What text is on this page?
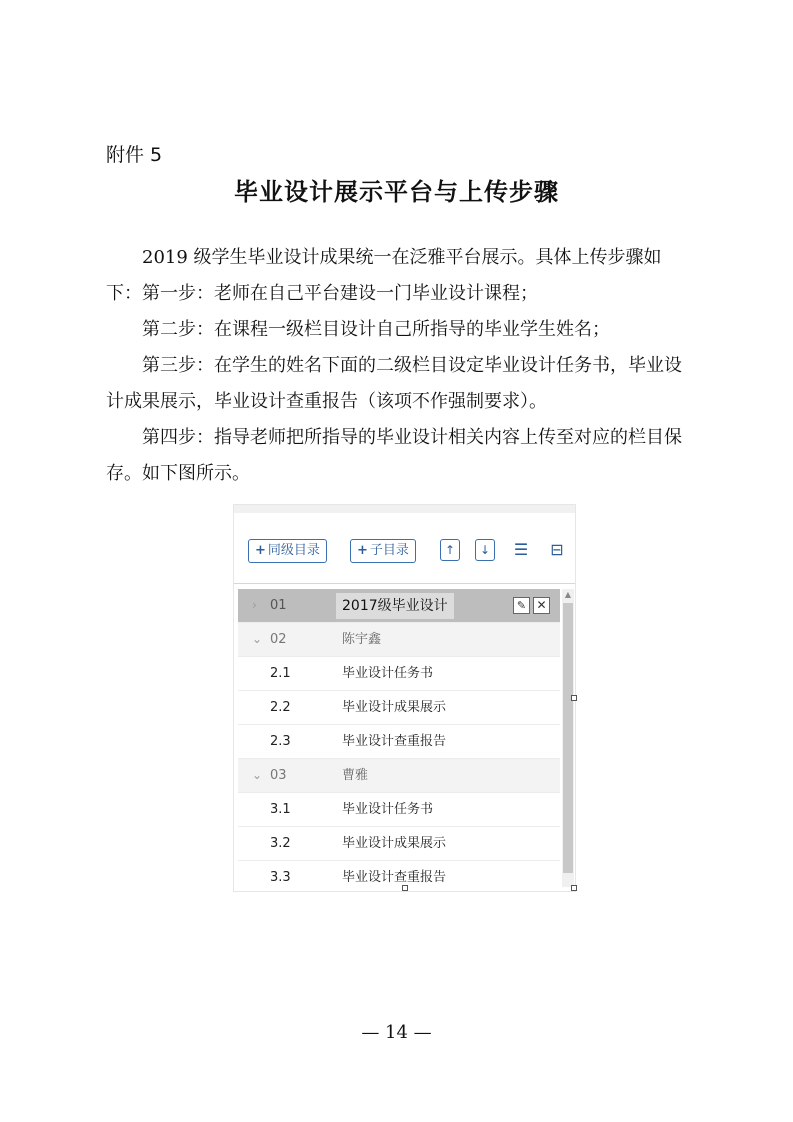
附件 5
毕业设计展示平台与上传步骤
2019 级学生毕业设计成果统一在泛雅平台展示。具体上传步骤如下： 第一步：老师在自己平台建设一门毕业设计课程；
第二步：在课程一级栏目设计自己所指导的毕业学生姓名；
第三步：在学生的姓名下面的二级栏目设定毕业设计任务书，毕业设计成果展示，毕业设计查重报告（该项不作强制要求）。
第四步：指导老师把所指导的毕业设计相关内容上传至对应的栏目保存。如下图所示。
+ 同级目录	+ 子目录	↑	↓	☰ ⊟
› 01	2017级毕业设计	✎ ✕
⌄ 02	陈宇鑫
2.1	毕业设计任务书
2.2	毕业设计成果展示
2.3	毕业设计查重报告
⌄ 03	曹雅
3.1	毕业设计任务书
3.2	毕业设计成果展示
3.3	毕业设计查重报告
▲
— 14 —
